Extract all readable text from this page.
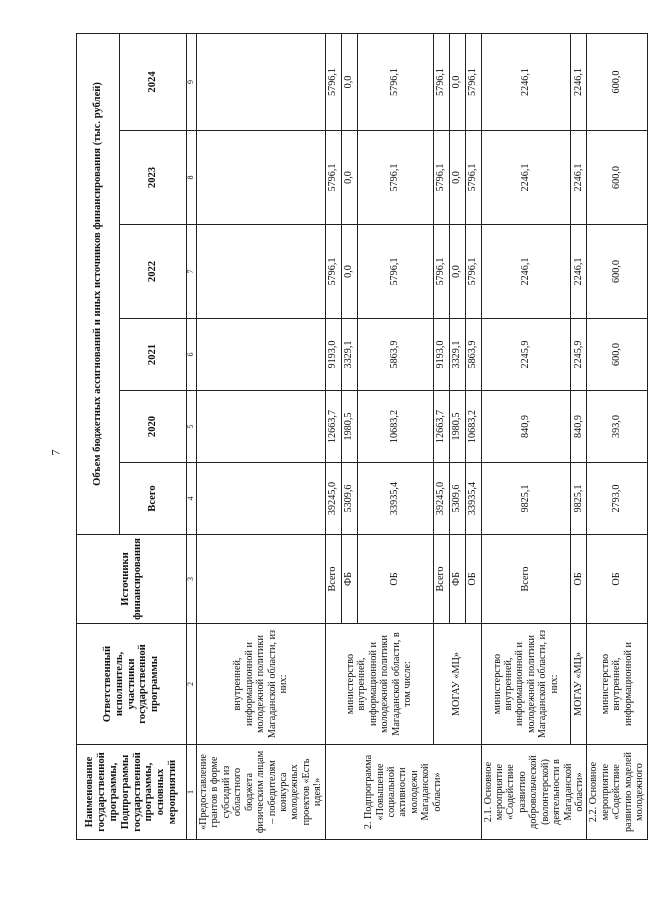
7
Наименование государственной программы, Подпрограммы государственной программы, основных мероприятий	Ответственный исполнитель, участники государственной программы	Источники финансирования	Объем бюджетных ассигнований и иных источников финансирования (тыс. рублей)					
			Всего	2020	2021	2022	2023	2024
1	2	3	4	5	6	7	8	9
«Предоставление грантов в форме субсидий из областного бюджета физическим лицам – победителям конкурса молодежных проектов «Есть идея!»	внутренней, информационной и молодежной политики Магаданской области, из них:							
2. Подпрограмма «Повышение социальной активности молодежи Магаданской области»	министерство внутренней, информационной и молодежной политики Магаданской области, в том числе:	Всего	39245,0	12663,7	9193,0	5796,1	5796,1	5796,1
		ФБ	5309,6	1980,5	3329,1	0,0	0,0	0,0
		ОБ	33935,4	10683,2	5863,9	5796,1	5796,1	5796,1
	МОГАУ «МЦ»	Всего	39245,0	12663,7	9193,0	5796,1	5796,1	5796,1
		ФБ	5309,6	1980,5	3329,1	0,0	0,0	0,0
		ОБ	33935,4	10683,2	5863,9	5796,1	5796,1	5796,1
2.1. Основное мероприятие «Содействие развитию добровольческой (волонтерской) деятельности в Магаданской области»	министерство внутренней, информационной и молодежной политики Магаданской области, из них:	Всего	9825,1	840,9	2245,9	2246,1	2246,1	2246,1
	МОГАУ «МЦ»	ОБ	9825,1	840,9	2245,9	2246,1	2246,1	2246,1
2.2. Основное мероприятие «Содействие развитию моделей молодежного	министерство внутренней, информационной и	ОБ	2793,0	393,0	600,0	600,0	600,0	600,0
